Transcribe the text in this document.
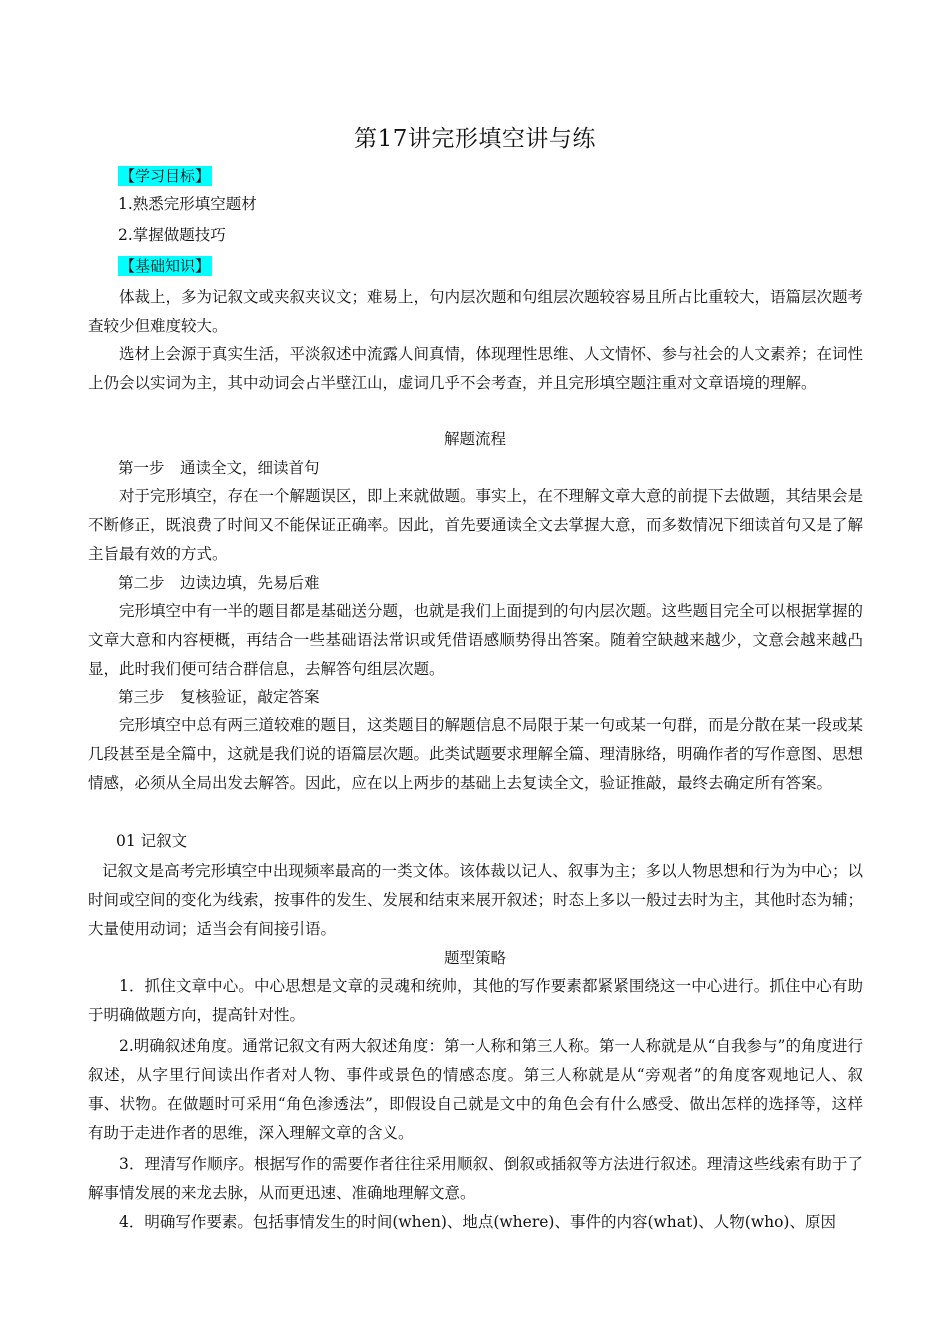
第17讲完形填空讲与练
【学习目标】
1.熟悉完形填空题材
2.掌握做题技巧
【基础知识】
体裁上，多为记叙文或夹叙夹议文；难易上，句内层次题和句组层次题较容易且所占比重较大，语篇层次题考查较少但难度较大。
选材上会源于真实生活，平淡叙述中流露人间真情，体现理性思维、人文情怀、参与社会的人文素养；在词性上仍会以实词为主，其中动词会占半壁江山，虚词几乎不会考查，并且完形填空题注重对文章语境的理解。
解题流程
第一步　通读全文，细读首句
对于完形填空，存在一个解题误区，即上来就做题。事实上，在不理解文章大意的前提下去做题，其结果会是不断修正，既浪费了时间又不能保证正确率。因此，首先要通读全文去掌握大意，而多数情况下细读首句又是了解主旨最有效的方式。
第二步　边读边填，先易后难
完形填空中有一半的题目都是基础送分题，也就是我们上面提到的句内层次题。这些题目完全可以根据掌握的文章大意和内容梗概，再结合一些基础语法常识或凭借语感顺势得出答案。随着空缺越来越少，文意会越来越凸显，此时我们便可结合群信息，去解答句组层次题。
第三步　复核验证，敲定答案
完形填空中总有两三道较难的题目，这类题目的解题信息不局限于某一句或某一句群，而是分散在某一段或某几段甚至是全篇中，这就是我们说的语篇层次题。此类试题要求理解全篇、理清脉络，明确作者的写作意图、思想情感，必须从全局出发去解答。因此，应在以上两步的基础上去复读全文，验证推敲，最终去确定所有答案。
01 记叙文
记叙文是高考完形填空中出现频率最高的一类文体。该体裁以记人、叙事为主；多以人物思想和行为为中心；以时间或空间的变化为线索，按事件的发生、发展和结束来展开叙述；时态上多以一般过去时为主，其他时态为辅；大量使用动词；适当会有间接引语。
题型策略
1．抓住文章中心。中心思想是文章的灵魂和统帅，其他的写作要素都紧紧围绕这一中心进行。抓住中心有助于明确做题方向，提高针对性。
2.明确叙述角度。通常记叙文有两大叙述角度：第一人称和第三人称。第一人称就是从“自我参与”的角度进行叙述，从字里行间读出作者对人物、事件或景色的情感态度。第三人称就是从“旁观者”的角度客观地记人、叙事、状物。在做题时可采用“角色渗透法”，即假设自己就是文中的角色会有什么感受、做出怎样的选择等，这样有助于走进作者的思维，深入理解文章的含义。
3．理清写作顺序。根据写作的需要作者往往采用顺叙、倒叙或插叙等方法进行叙述。理清这些线索有助于了解事情发展的来龙去脉，从而更迅速、准确地理解文意。
4．明确写作要素。包括事情发生的时间(when)、地点(where)、事件的内容(what)、人物(who)、原因
